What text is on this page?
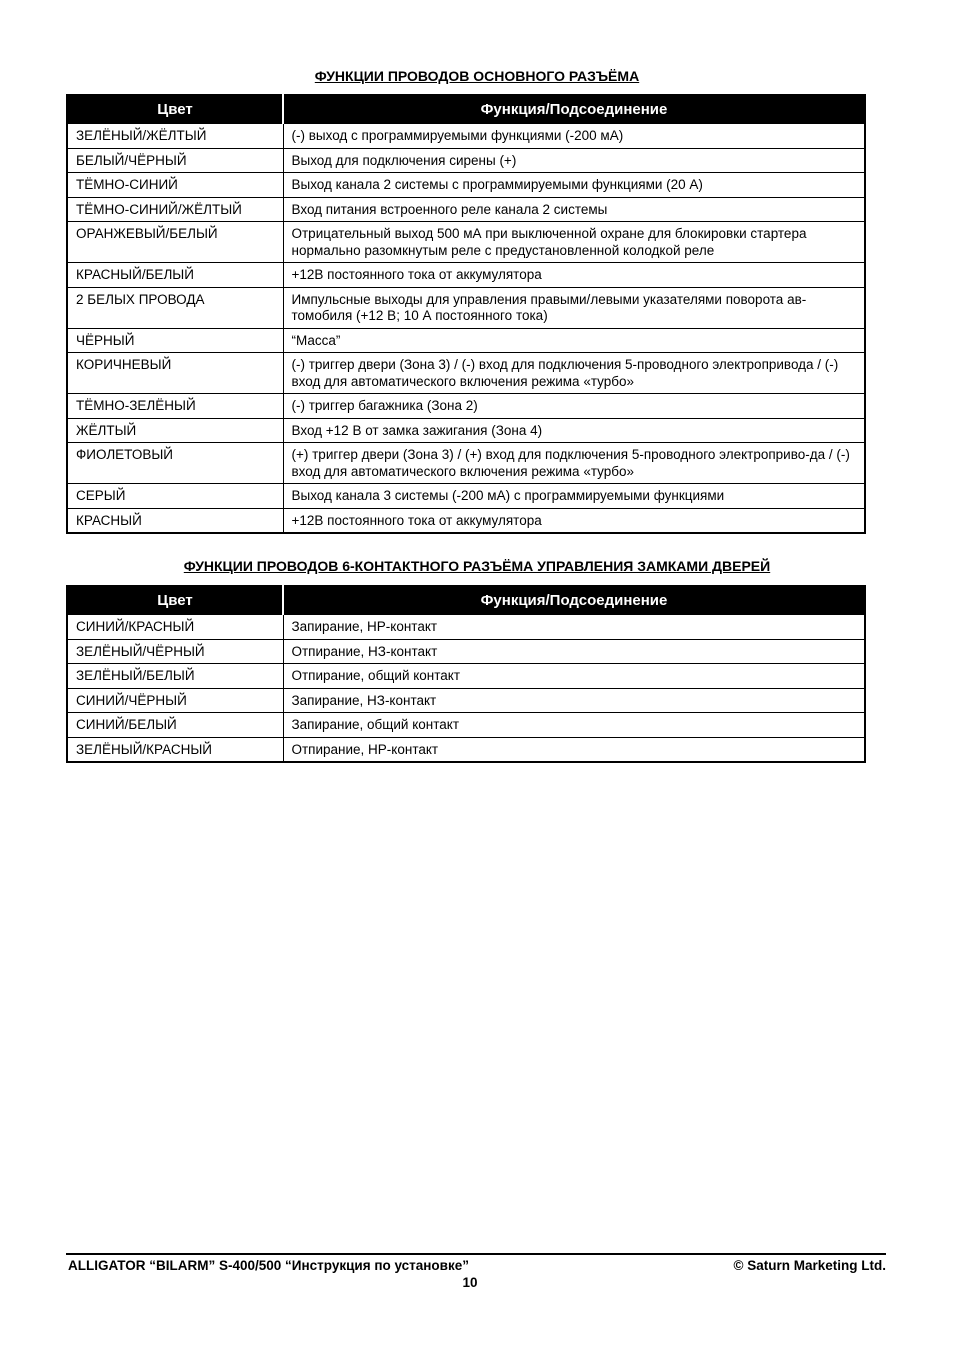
ФУНКЦИИ ПРОВОДОВ ОСНОВНОГО РАЗЪЁМА
Цвет	Функция/Подсоединение
ЗЕЛЁНЫЙ/ЖЁЛТЫЙ	(-) выход с программируемыми функциями (-200 мА)
БЕЛЫЙ/ЧЁРНЫЙ	Выход для подключения сирены (+)
ТЁМНО-СИНИЙ	Выход канала 2 системы с программируемыми функциями (20 А)
ТЁМНО-СИНИЙ/ЖЁЛТЫЙ	Вход питания встроенного реле канала 2 системы
ОРАНЖЕВЫЙ/БЕЛЫЙ	Отрицательный выход 500 мА при выключенной охране для блокировки стартера нормально разомкнутым реле с предустановленной колодкой реле
КРАСНЫЙ/БЕЛЫЙ	+12В постоянного тока от аккумулятора
2 БЕЛЫХ ПРОВОДА	Импульсные выходы для управления правыми/левыми указателями поворота ав-томобиля (+12 В; 10 А постоянного тока)
ЧЁРНЫЙ	“Масса”
КОРИЧНЕВЫЙ	(-) триггер двери (Зона 3) / (-) вход для подключения 5-проводного электропривода / (-) вход для автоматического включения режима «турбо»
ТЁМНО-ЗЕЛЁНЫЙ	(-) триггер багажника (Зона 2)
ЖЁЛТЫЙ	Вход +12 В от замка зажигания (Зона 4)
ФИОЛЕТОВЫЙ	(+) триггер двери (Зона 3) / (+) вход для подключения 5-проводного электроприво-да / (-) вход для автоматического включения режима «турбо»
СЕРЫЙ	Выход канала 3 системы (-200 мА) с программируемыми функциями
КРАСНЫЙ	+12В постоянного тока от аккумулятора
ФУНКЦИИ ПРОВОДОВ 6-КОНТАКТНОГО РАЗЪЁМА УПРАВЛЕНИЯ ЗАМКАМИ ДВЕРЕЙ
Цвет	Функция/Подсоединение
СИНИЙ/КРАСНЫЙ	Запирание, НР-контакт
ЗЕЛЁНЫЙ/ЧЁРНЫЙ	Отпирание, НЗ-контакт
ЗЕЛЁНЫЙ/БЕЛЫЙ	Отпирание, общий контакт
СИНИЙ/ЧЁРНЫЙ	Запирание, НЗ-контакт
СИНИЙ/БЕЛЫЙ	Запирание, общий контакт
ЗЕЛЁНЫЙ/КРАСНЫЙ	Отпирание, НР-контакт
ALLIGATOR “BILARM” S-400/500 “Инструкция по установке”	© Saturn Marketing Ltd.
10
